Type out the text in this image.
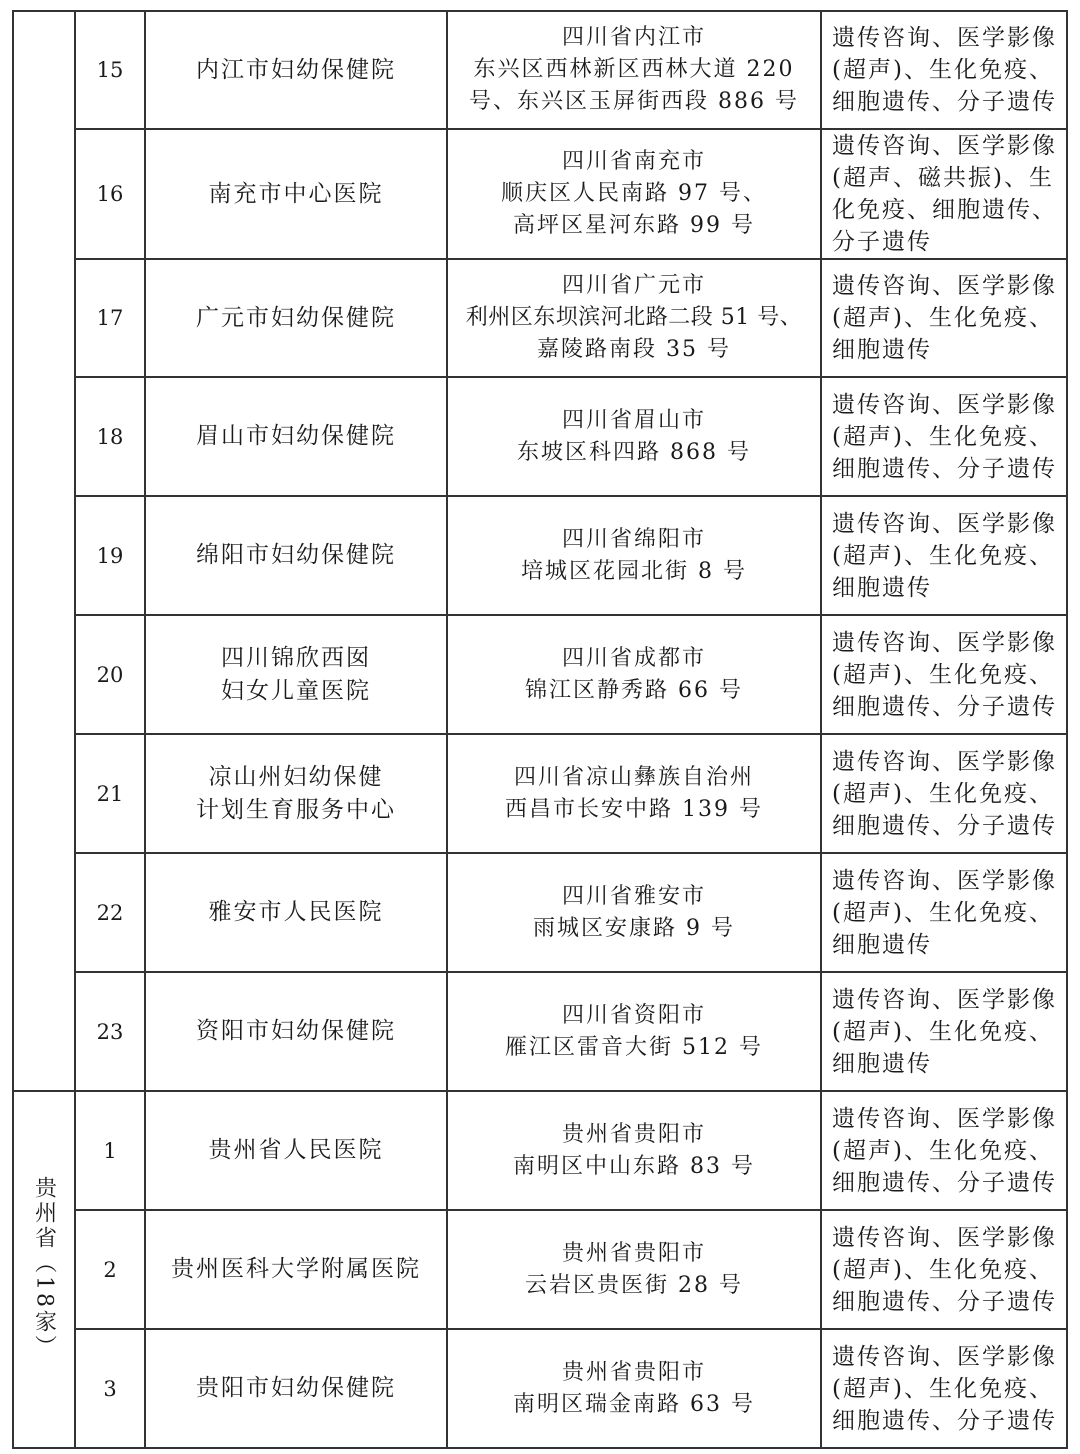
	15	内江市妇幼保健院	四川省内江市
东兴区西林新区西林大道 220
号、东兴区玉屏街西段 886 号	遗传咨询、医学影像
(超声)、生化免疫、
细胞遗传、分子遗传

	16	南充市中心医院	四川省南充市
顺庆区人民南路 97 号、
高坪区星河东路 99 号	遗传咨询、医学影像
(超声、磁共振)、生
化免疫、细胞遗传、
分子遗传

	17	广元市妇幼保健院	四川省广元市
利州区东坝滨河北路二段 51 号、
嘉陵路南段 35 号	遗传咨询、医学影像
(超声)、生化免疫、
细胞遗传

	18	眉山市妇幼保健院	四川省眉山市
东坡区科四路 868 号	遗传咨询、医学影像
(超声)、生化免疫、
细胞遗传、分子遗传

	19	绵阳市妇幼保健院	四川省绵阳市
培城区花园北街 8 号	遗传咨询、医学影像
(超声)、生化免疫、
细胞遗传

	20	四川锦欣西囡
妇女儿童医院	四川省成都市
锦江区静秀路 66 号	遗传咨询、医学影像
(超声)、生化免疫、
细胞遗传、分子遗传

	21	凉山州妇幼保健
计划生育服务中心	四川省凉山彝族自治州
西昌市长安中路 139 号	遗传咨询、医学影像
(超声)、生化免疫、
细胞遗传、分子遗传

	22	雅安市人民医院	四川省雅安市
雨城区安康路 9 号	遗传咨询、医学影像
(超声)、生化免疫、
细胞遗传

	23	资阳市妇幼保健院	四川省资阳市
雁江区雷音大街 512 号	遗传咨询、医学影像
(超声)、生化免疫、
细胞遗传

贵州省（18家）	1	贵州省人民医院	贵州省贵阳市
南明区中山东路 83 号	遗传咨询、医学影像
(超声)、生化免疫、
细胞遗传、分子遗传

	2	贵州医科大学附属医院	贵州省贵阳市
云岩区贵医街 28 号	遗传咨询、医学影像
(超声)、生化免疫、
细胞遗传、分子遗传

	3	贵阳市妇幼保健院	贵州省贵阳市
南明区瑞金南路 63 号	遗传咨询、医学影像
(超声)、生化免疫、
细胞遗传、分子遗传
